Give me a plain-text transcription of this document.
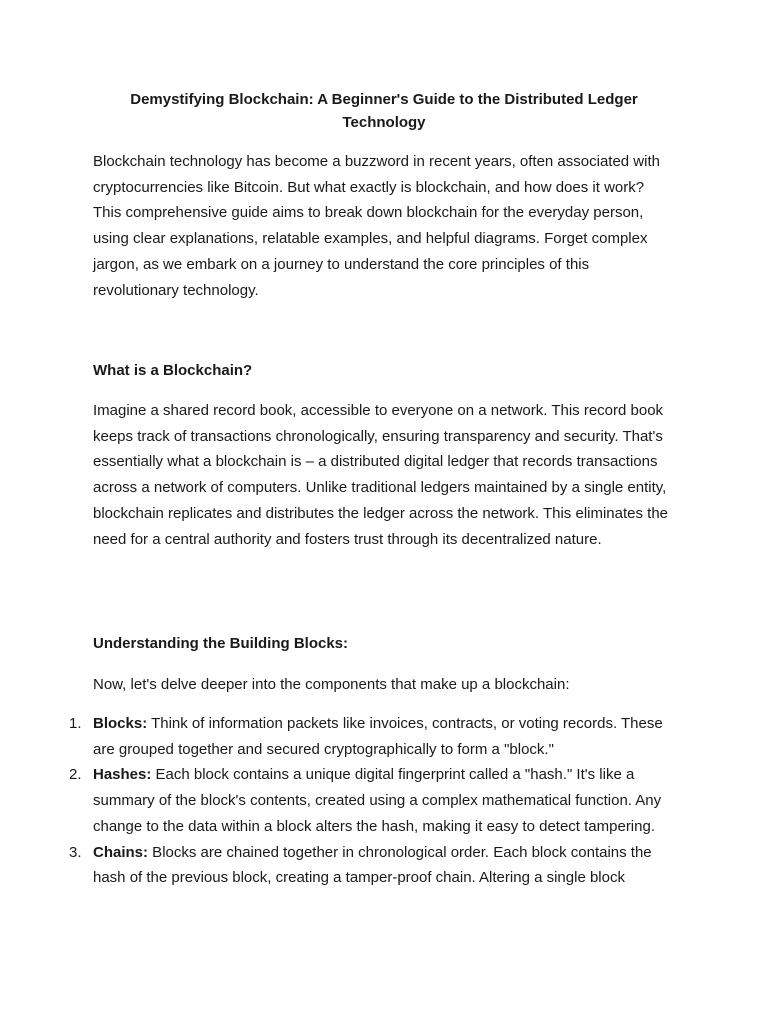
Demystifying Blockchain: A Beginner's Guide to the Distributed Ledger Technology

Blockchain technology has become a buzzword in recent years, often associated with cryptocurrencies like Bitcoin. But what exactly is blockchain, and how does it work? This comprehensive guide aims to break down blockchain for the everyday person, using clear explanations, relatable examples, and helpful diagrams. Forget complex jargon, as we embark on a journey to understand the core principles of this revolutionary technology.

What is a Blockchain?

Imagine a shared record book, accessible to everyone on a network. This record book keeps track of transactions chronologically, ensuring transparency and security. That's essentially what a blockchain is – a distributed digital ledger that records transactions across a network of computers. Unlike traditional ledgers maintained by a single entity, blockchain replicates and distributes the ledger across the network. This eliminates the need for a central authority and fosters trust through its decentralized nature.

Understanding the Building Blocks:

Now, let's delve deeper into the components that make up a blockchain:

1. Blocks: Think of information packets like invoices, contracts, or voting records. These are grouped together and secured cryptographically to form a "block."
2. Hashes: Each block contains a unique digital fingerprint called a "hash." It's like a summary of the block's contents, created using a complex mathematical function. Any change to the data within a block alters the hash, making it easy to detect tampering.
3. Chains: Blocks are chained together in chronological order. Each block contains the hash of the previous block, creating a tamper-proof chain. Altering a single block
